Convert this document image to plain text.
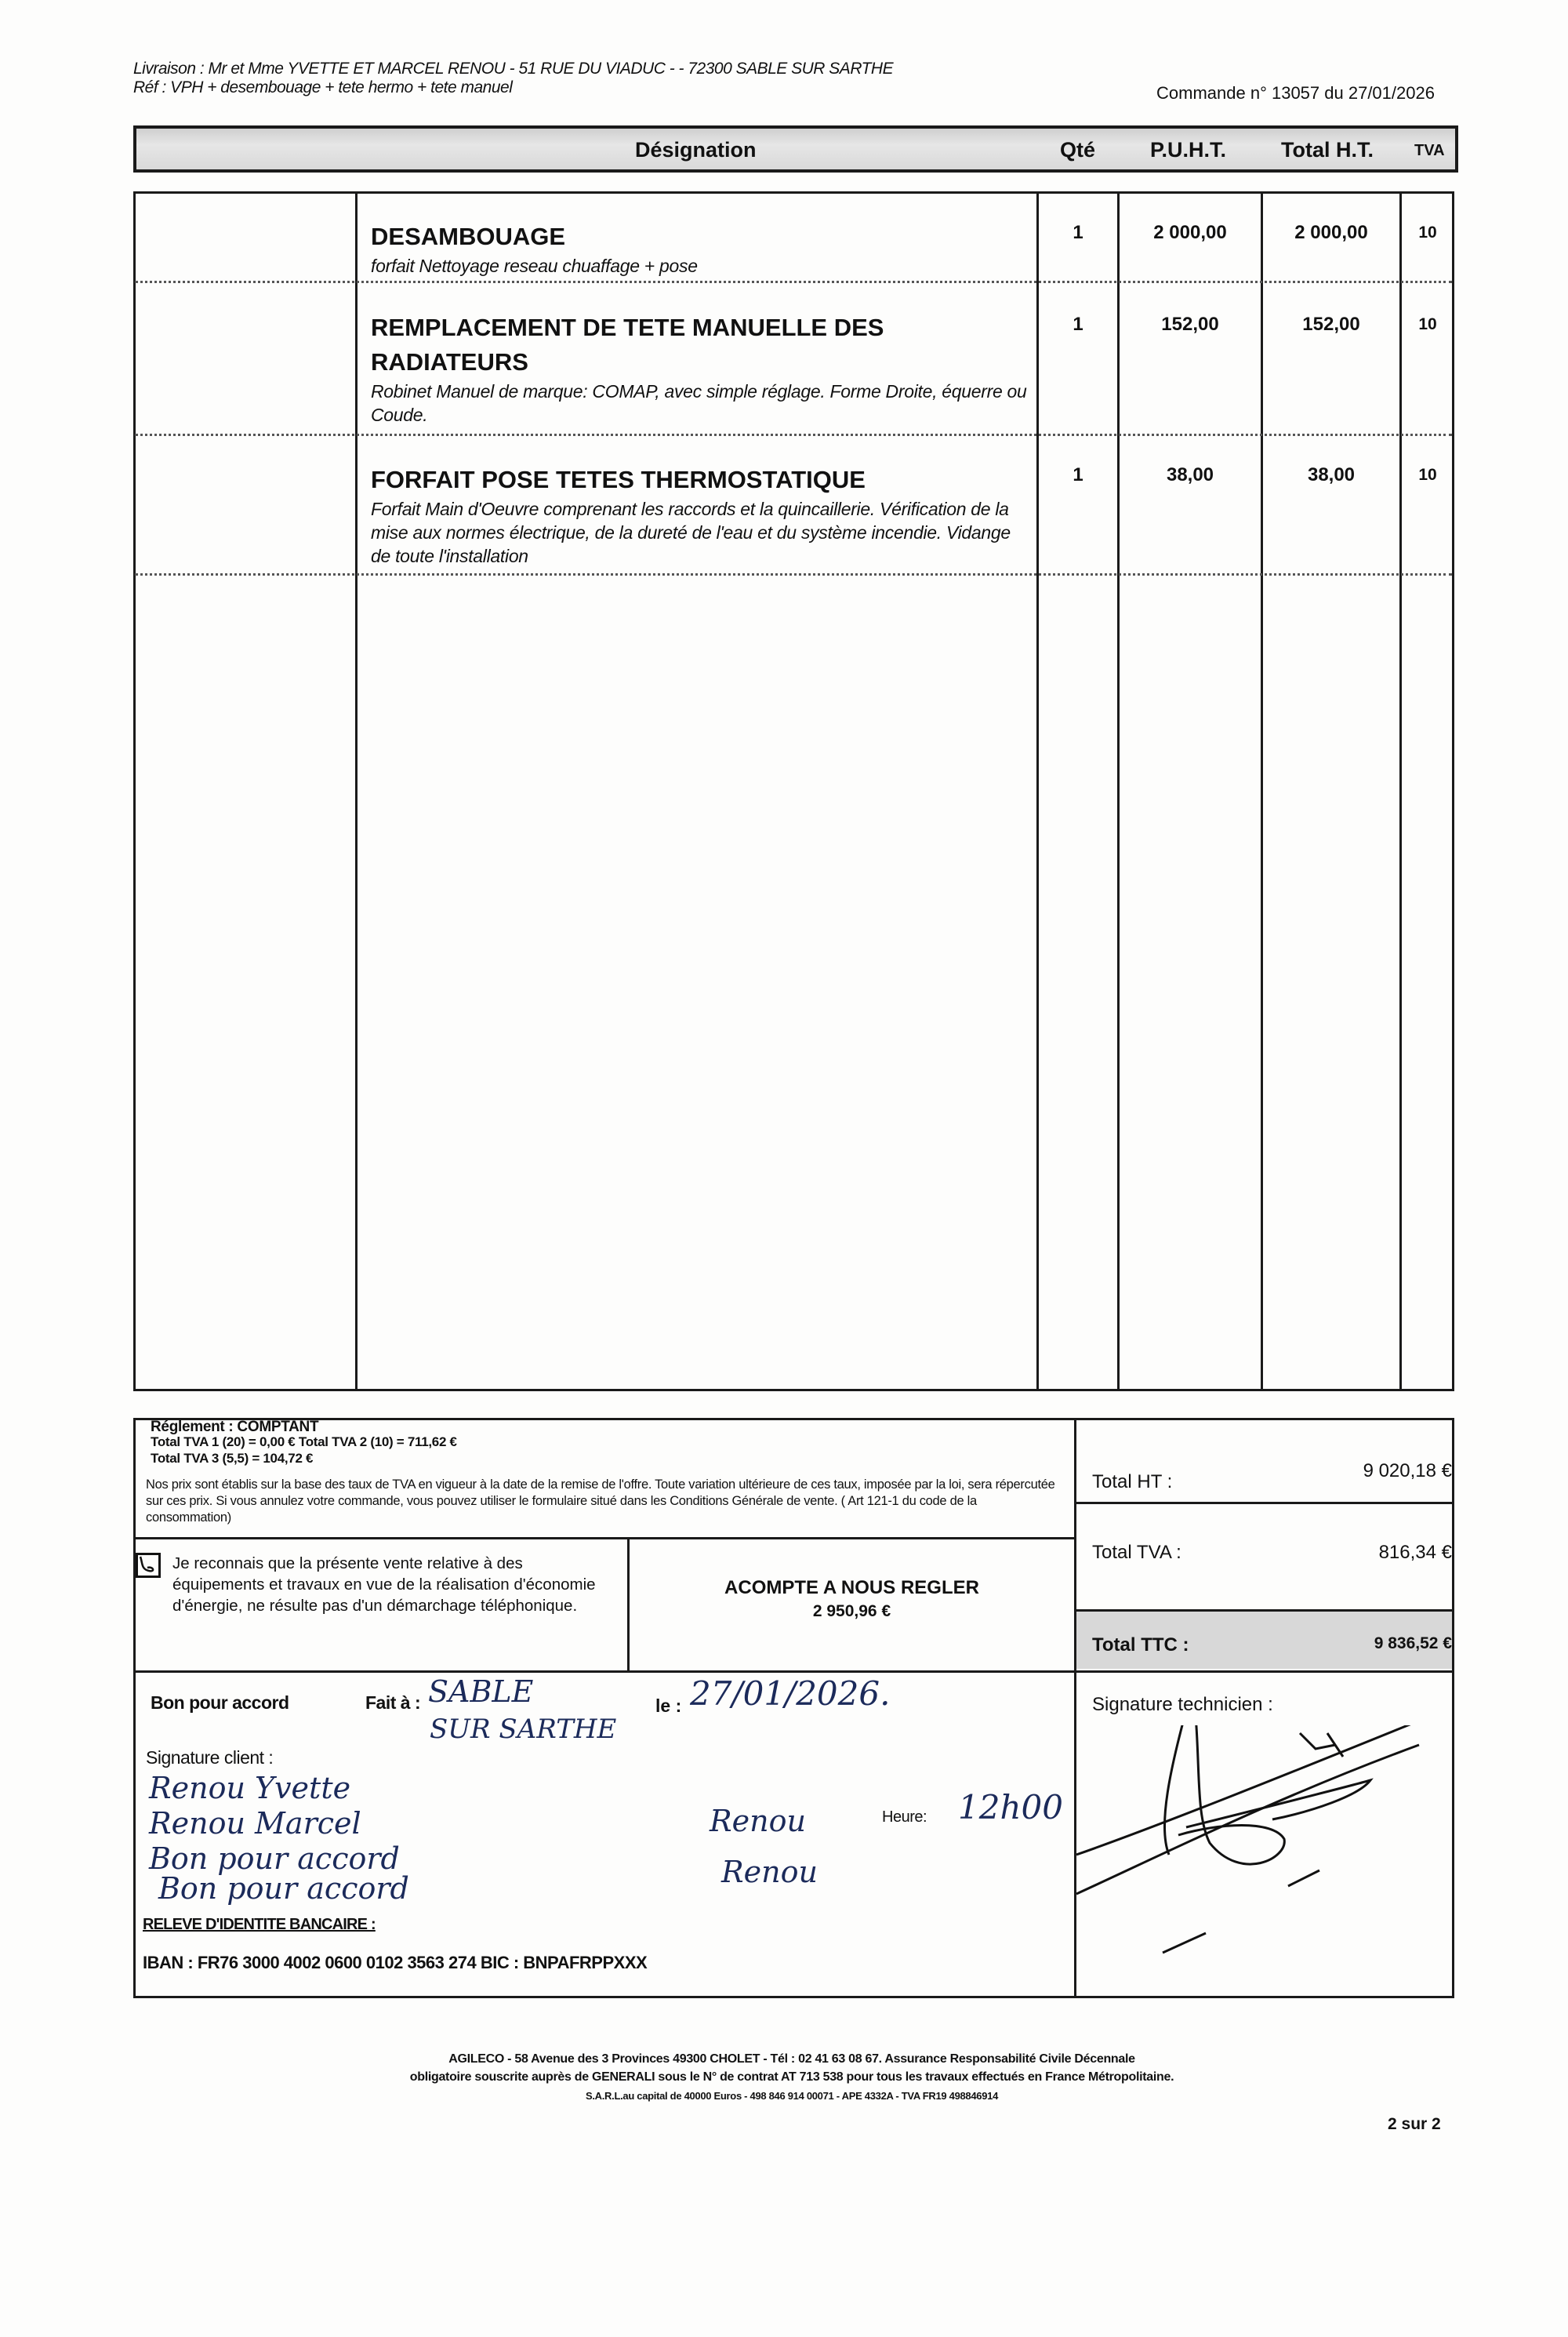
Livraison : Mr et Mme YVETTE ET MARCEL RENOU - 51 RUE DU VIADUC - - 72300 SABLE SUR SARTHE
Réf : VPH + desembouage + tete hermo + tete manuel	Commande n° 13057 du 27/01/2026
Désignation	Qté	P.U.H.T.	Total H.T.	TVA
DESAMBOUAGE
forfait Nettoyage reseau chuaffage + pose
1	2 000,00	2 000,00	10
REMPLACEMENT DE TETE MANUELLE DES RADIATEURS
Robinet Manuel de marque: COMAP, avec simple réglage. Forme Droite, équerre ou Coude.
1	152,00	152,00	10
FORFAIT POSE TETES THERMOSTATIQUE
Forfait Main d'Oeuvre comprenant les raccords et la quincaillerie. Vérification de la mise aux normes électrique, de la dureté de l'eau et du système incendie. Vidange de toute l'installation
1	38,00	38,00	10
Réglement : COMPTANT
Total TVA 1 (20) = 0,00 € Total TVA 2 (10) = 711,62 €
Total TVA 3 (5,5) = 104,72 €
Nos prix sont établis sur la base des taux de TVA en vigueur à la date de la remise de l'offre. Toute variation ultérieure de ces taux, imposée par la loi, sera répercutée sur ces prix. Si vous annulez votre commande, vous pouvez utiliser le formulaire situé dans les Conditions Générale de vente. ( Art 121-1 du code de la consommation)
Je reconnais que la présente vente relative à des équipements et travaux en vue de la réalisation d'économie d'énergie, ne résulte pas d'un démarchage téléphonique.
ACOMPTE A NOUS REGLER
2 950,96 €
Total HT :
9 020,18 €
Total TVA :	816,34 €
Total TTC :	9 836,52 €
Bon pour accord	Fait à : SABLE
SUR SARTHE
le : 27/01/2026.
Signature client :
Renou Yvette
Renou Marcel
Bon pour accord
Bon pour accord
Renou
Renou
Heure: 12h00
Signature technicien :
RELEVE D'IDENTITE BANCAIRE :
IBAN : FR76 3000 4002 0600 0102 3563 274 BIC : BNPAFRPPXXX
AGILECO - 58 Avenue des 3 Provinces 49300 CHOLET - Tél : 02 41 63 08 67. Assurance Responsabilité Civile Décennale
obligatoire souscrite auprès de GENERALI sous le N° de contrat AT 713 538 pour tous les travaux effectués en France Métropolitaine.
S.A.R.L.au capital de 40000 Euros - 498 846 914 00071 - APE 4332A - TVA FR19 498846914
2 sur 2
